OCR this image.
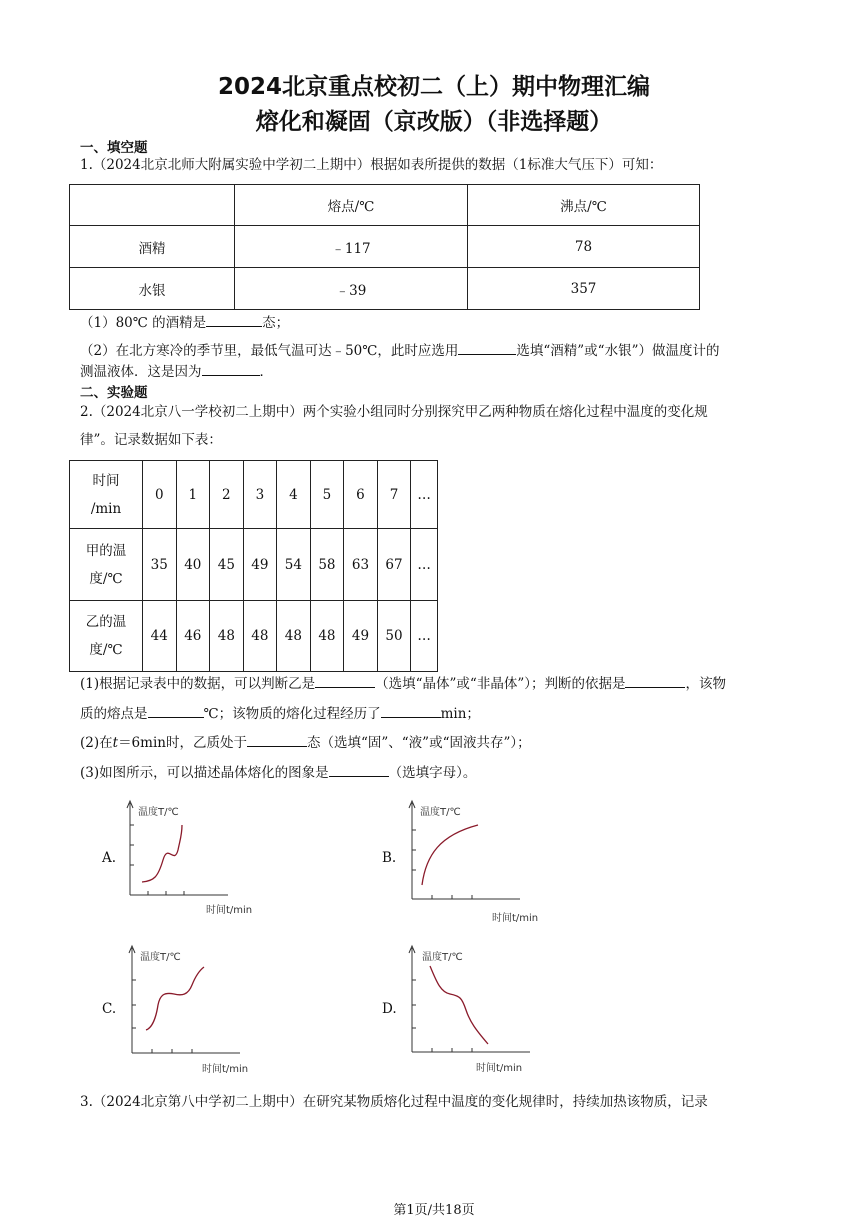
2024北京重点校初二（上）期中物理汇编
熔化和凝固（京改版）（非选择题）
一、填空题
1.（2024北京北师大附属实验中学初二上期中）根据如表所提供的数据（1标准大气压下）可知：
	熔点/℃	沸点/℃
酒精	﹣117	78
水银	﹣39	357
（1）80℃ 的酒精是	态；
（2）在北方寒冷的季节里，最低气温可达﹣50℃，此时应选用	选填“酒精”或“水银”）做温度计的
测温液体．这是因为	．
二、实验题
2.（2024北京八一学校初二上期中）两个实验小组同时分别探究甲乙两种物质在熔化过程中温度的变化规
律”。记录数据如下表：
时间
/min	0	1	2	3	4	5	6	7	…
甲的温
度/℃	35	40	45	49	54	58	63	67	…
乙的温
度/℃	44	46	48	48	48	48	49	50	…
(1)根据记录表中的数据，可以判断乙是	（选填“晶体”或“非晶体”）；判断的依据是	，该物
质的熔点是	℃；该物质的熔化过程经历了	min；
(2)在t＝6min时，乙质处于	态（选填“固”、“液”或“固液共存”）；
(3)如图所示，可以描述晶体熔化的图象是	（选填字母）。
A.	B.
C.	D.
温度T/℃
时间t/min
温度T/℃
时间t/min
温度T/℃
时间t/min
温度T/℃
时间t/min
3.（2024北京第八中学初二上期中）在研究某物质熔化过程中温度的变化规律时，持续加热该物质，记录
第1页/共18页
